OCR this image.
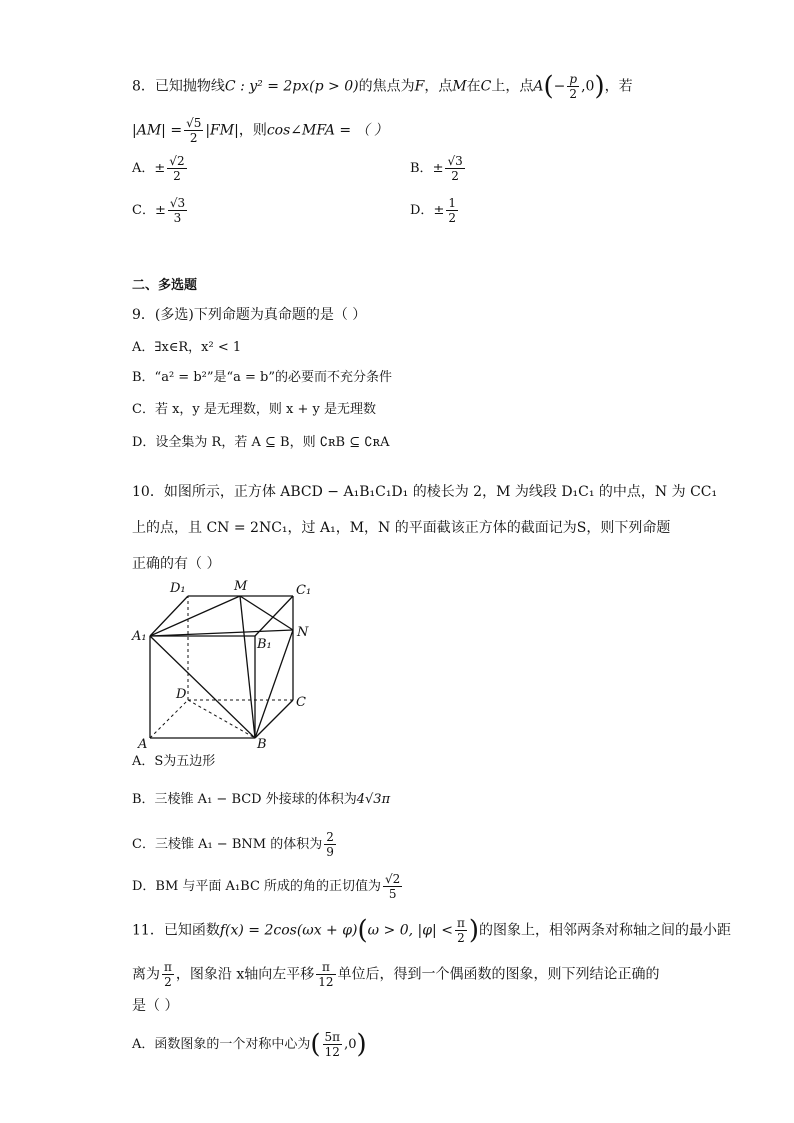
8．已知抛物线C : y² = 2px(p > 0)的焦点为F，点M在C上，点$A(- \frac{p}{2} ,0)$，若
$|AM| = \frac{√5}{2} |FM|$，则cos∠MFA = （ ）
A．± $\frac{√2}{2}$	B．± $\frac{√3}{2}$
C．± $\frac{√3}{3}$	D．± $\frac{1}{2}$
二、多选题
9．(多选)下列命题为真命题的是（ ）
A．∃x∈R，x² < 1
B．“a² = b²”是“a = b”的必要而不充分条件
C．若 x，y 是无理数，则 x + y 是无理数
D．设全集为 R，若 A ⊆ B，则 ∁ʀB ⊆ ∁ʀA
10．如图所示，正方体 ABCD − A₁B₁C₁D₁ 的棱长为 2，M 为线段 D₁C₁ 的中点，N 为 CC₁
上的点，且 CN = 2NC₁，过 A₁，M，N 的平面截该正方体的截面记为S，则下列命题
正确的有（ ）
D₁	M	C₁
A₁
B₁
N
D
C
A	B
A．S为五边形
B．三棱锥 A₁ − BCD 外接球的体积为4√3π
C．三棱锥 A₁ − BNM 的体积为 $\frac{2}{9}$
D．BM 与平面 A₁BC 所成的角的正切值为 $\frac{√2}{5}$
11．已知函数f(x) = 2cos(ωx + φ)(ω > 0, $|\varphi| < \frac{\pi}{2}$ )的图象上，相邻两条对称轴之间的最小距
离为 $\frac{\pi}{2}$ ，图象沿 x轴向左平移 $\frac{\pi}{12}$ 单位后，得到一个偶函数的图象，则下列结论正确的
是（ ）
A．函数图象的一个对称中心为( $\frac{5\pi}{12} ,0$)
